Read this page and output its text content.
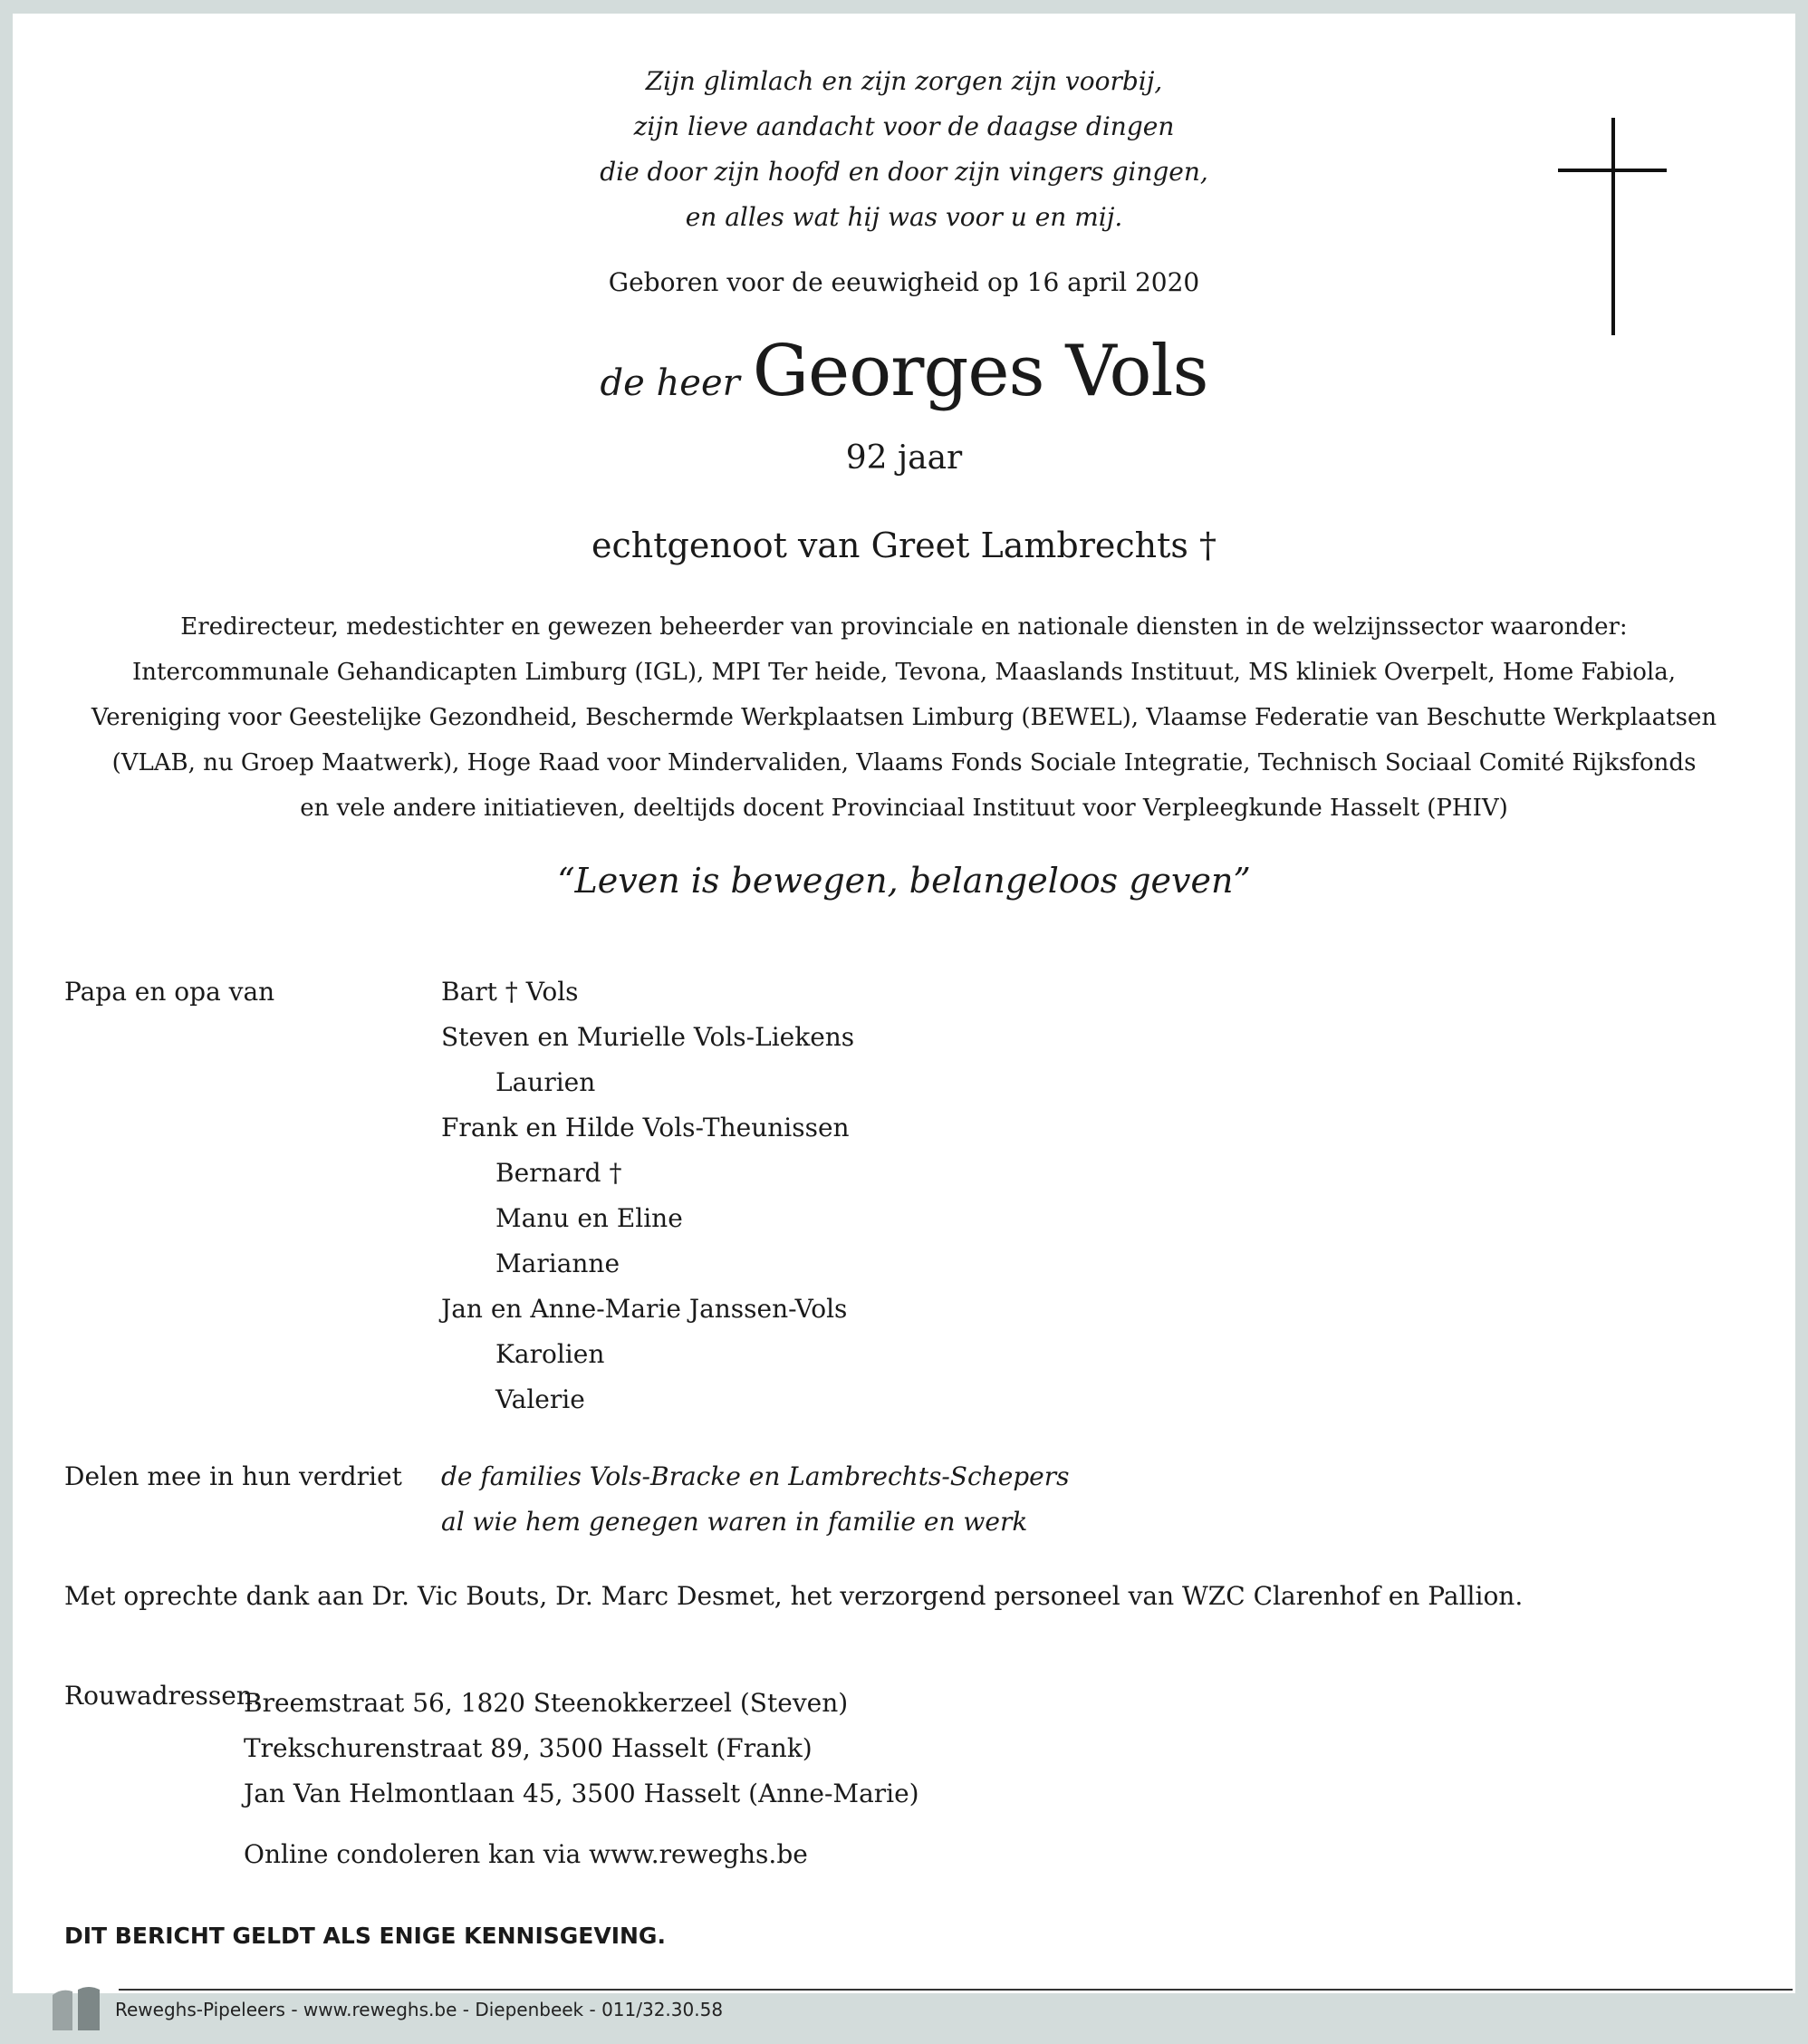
Zijn glimlach en zijn zorgen zijn voorbij,
zijn lieve aandacht voor de daagse dingen
die door zijn hoofd en door zijn vingers gingen,
en alles wat hij was voor u en mij.
Geboren voor de eeuwigheid op 16 april 2020
de heer Georges Vols
92 jaar
echtgenoot van Greet Lambrechts †
Eredirecteur, medestichter en gewezen beheerder van provinciale en nationale diensten in de welzijnssector waaronder:
Intercommunale Gehandicapten Limburg (IGL), MPI Ter heide, Tevona, Maaslands Instituut, MS kliniek Overpelt, Home Fabiola,
Vereniging voor Geestelijke Gezondheid, Beschermde Werkplaatsen Limburg (BEWEL), Vlaamse Federatie van Beschutte Werkplaatsen
(VLAB, nu Groep Maatwerk), Hoge Raad voor Mindervaliden, Vlaams Fonds Sociale Integratie, Technisch Sociaal Comité Rijksfonds
en vele andere initiatieven, deeltijds docent Provinciaal Instituut voor Verpleegkunde Hasselt (PHIV)
“Leven is bewegen, belangeloos geven”
Papa en opa van	Bart † Vols
Steven en Murielle Vols-Liekens
Laurien
Frank en Hilde Vols-Theunissen
Bernard †
Manu en Eline
Marianne
Jan en Anne-Marie Janssen-Vols
Karolien
Valerie
Delen mee in hun verdriet de families Vols-Bracke en Lambrechts-Schepers
al wie hem genegen waren in familie en werk
Met oprechte dank aan Dr. Vic Bouts, Dr. Marc Desmet, het verzorgend personeel van WZC Clarenhof en Pallion.
Rouwadressen:
Breemstraat 56, 1820 Steenokkerzeel (Steven)
Trekschurenstraat 89, 3500 Hasselt (Frank)
Jan Van Helmontlaan 45, 3500 Hasselt (Anne-Marie)
Online condoleren kan via www.reweghs.be
DIT BERICHT GELDT ALS ENIGE KENNISGEVING.
Reweghs-Pipeleers - www.reweghs.be - Diepenbeek - 011/32.30.58
